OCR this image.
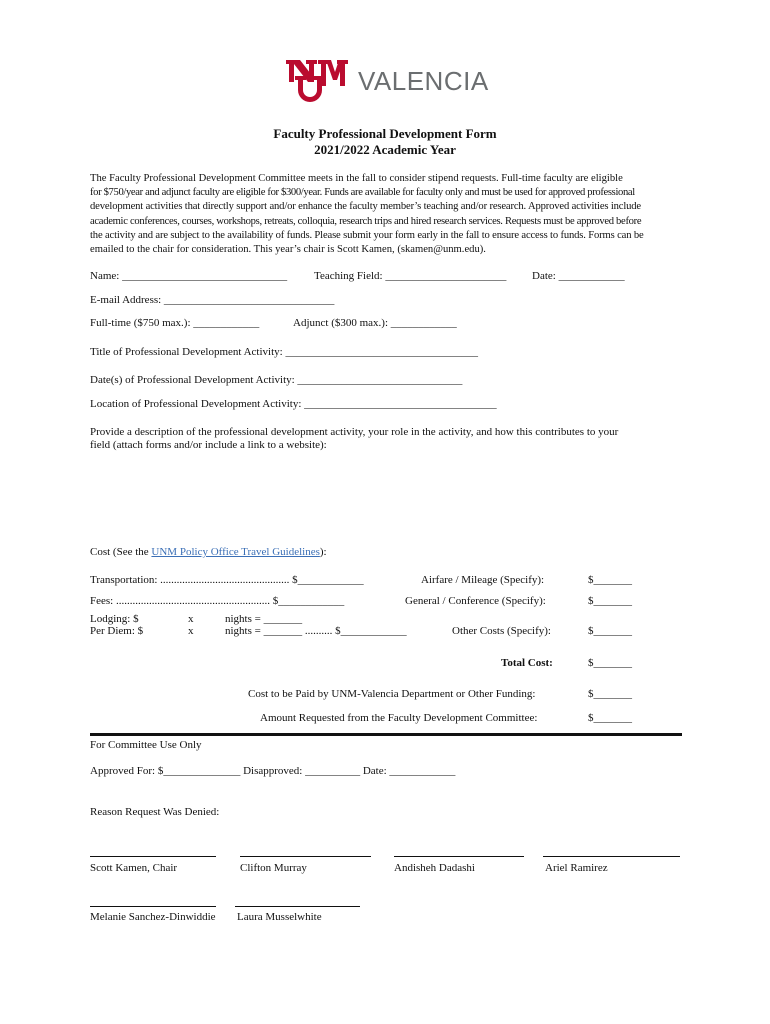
VALENCIA
Faculty Professional Development Form
2021/2022 Academic Year
The Faculty Professional Development Committee meets in the fall to consider stipend requests. Full-time faculty are eligible
for $750/year and adjunct faculty are eligible for $300/year. Funds are available for faculty only and must be used for approved professional
development activities that directly support and/or enhance the faculty member’s teaching and/or research. Approved activities include
academic conferences, courses, workshops, retreats, colloquia, research trips and hired research services. Requests must be approved before
the activity and are subject to the availability of funds. Please submit your form early in the fall to ensure access to funds. Forms can be
emailed to the chair for consideration. This year’s chair is Scott Kamen, (skamen@unm.edu).
Name: ______________________________ Teaching Field: ______________________ Date: ____________
E-mail Address: _______________________________
Full-time ($750 max.): ____________	Adjunct ($300 max.): ____________
Title of Professional Development Activity: ___________________________________
Date(s) of Professional Development Activity: ______________________________
Location of Professional Development Activity: ___________________________________
Provide a description of the professional development activity, your role in the activity, and how this contributes to your
field (attach forms and/or include a link to a website):
Cost (See the UNM Policy Office Travel Guidelines):
Transportation: ............................................... $____________	Airfare / Mileage (Specify):	$_______
Fees: ........................................................ $____________	General / Conference (Specify):	$_______
Lodging: $	x	nights = _______
Per Diem: $	x	nights = _______ .......... $____________	Other Costs (Specify):	$_______
Total Cost:	$_______
Cost to be Paid by UNM-Valencia Department or Other Funding:	$_______
Amount Requested from the Faculty Development Committee:	$_______
For Committee Use Only
Approved For: $______________ Disapproved: __________ Date: ____________
Reason Request Was Denied:
Scott Kamen, Chair	Clifton Murray	Andisheh Dadashi	Ariel Ramirez
Melanie Sanchez-Dinwiddie Laura Musselwhite
